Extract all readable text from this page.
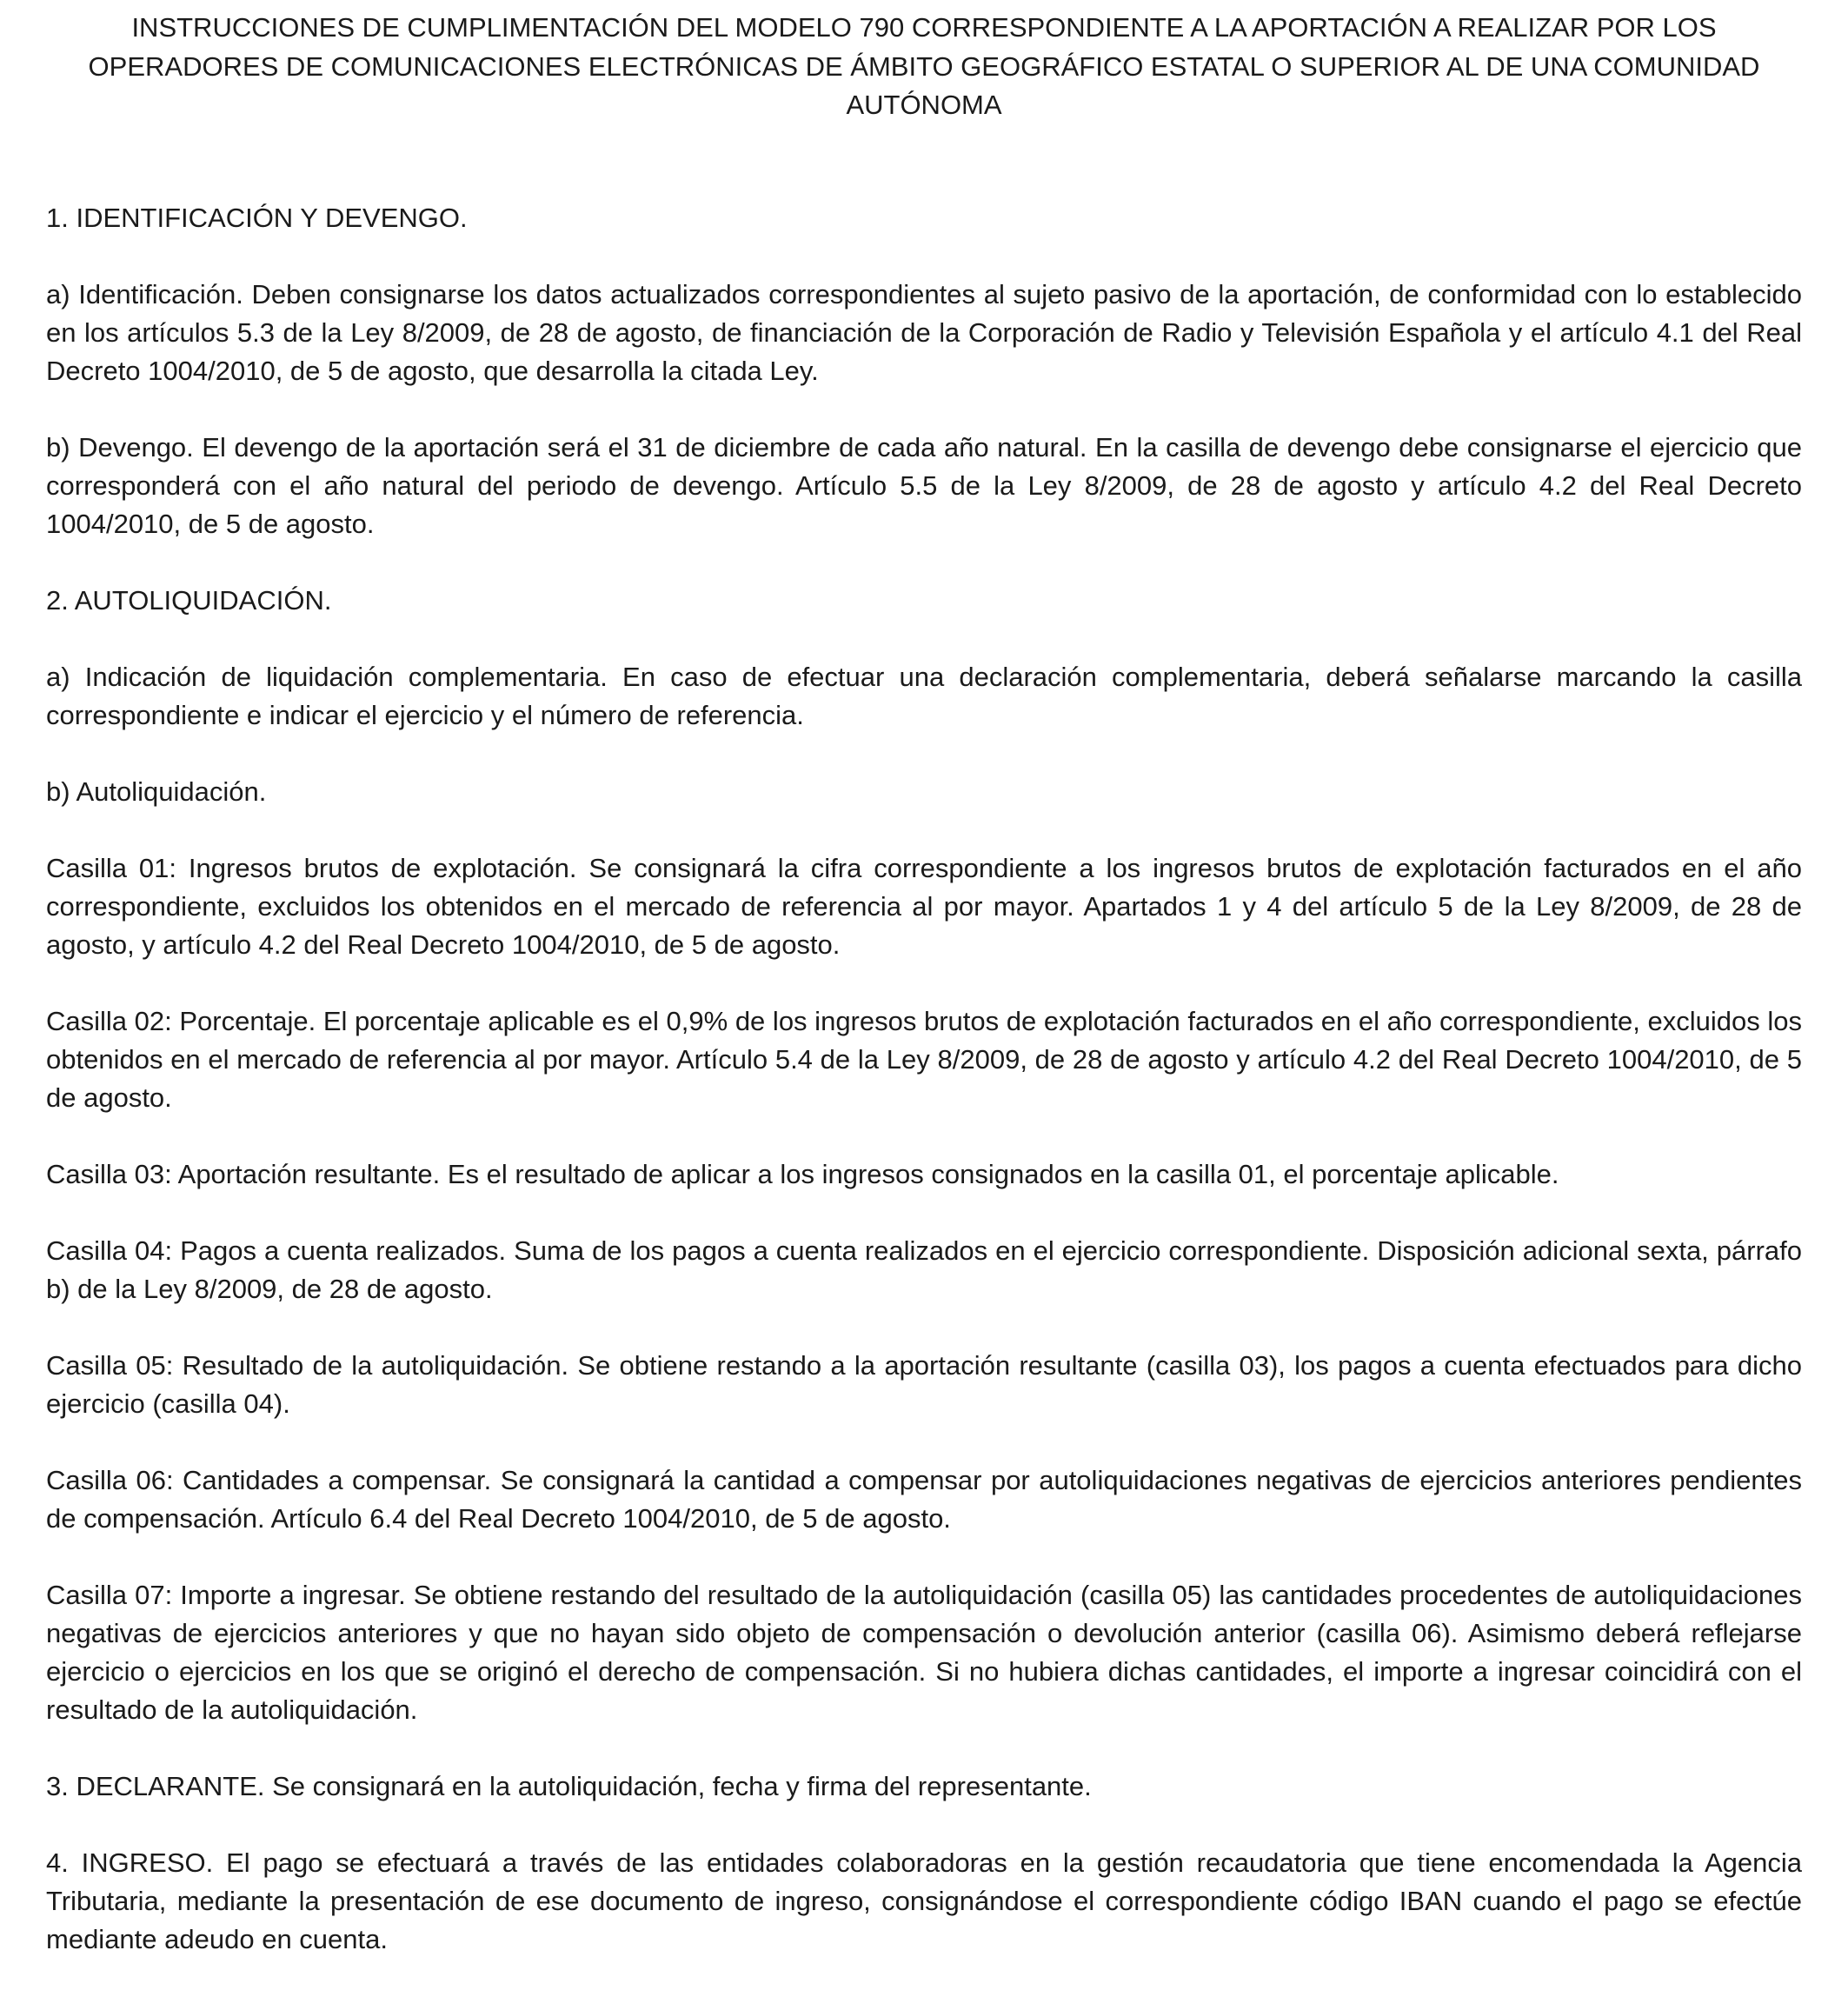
INSTRUCCIONES DE CUMPLIMENTACIÓN DEL MODELO 790 CORRESPONDIENTE A LA APORTACIÓN A REALIZAR POR LOS OPERADORES DE COMUNICACIONES ELECTRÓNICAS DE ÁMBITO GEOGRÁFICO ESTATAL O SUPERIOR AL DE UNA COMUNIDAD AUTÓNOMA

1. IDENTIFICACIÓN Y DEVENGO.

a) Identificación. Deben consignarse los datos actualizados correspondientes al sujeto pasivo de la aportación, de conformidad con lo establecido en los artículos 5.3 de la Ley 8/2009, de 28 de agosto, de financiación de la Corporación de Radio y Televisión Española y el artículo 4.1 del Real Decreto 1004/2010, de 5 de agosto, que desarrolla la citada Ley.

b) Devengo. El devengo de la aportación será el 31 de diciembre de cada año natural. En la casilla de devengo debe consignarse el ejercicio que corresponderá con el año natural del periodo de devengo. Artículo 5.5 de la Ley 8/2009, de 28 de agosto y artículo 4.2 del Real Decreto 1004/2010, de 5 de agosto.

2. AUTOLIQUIDACIÓN.

a) Indicación de liquidación complementaria. En caso de efectuar una declaración complementaria, deberá señalarse marcando la casilla correspondiente e indicar el ejercicio y el número de referencia.

b) Autoliquidación.

Casilla 01: Ingresos brutos de explotación. Se consignará la cifra correspondiente a los ingresos brutos de explotación facturados en el año correspondiente, excluidos los obtenidos en el mercado de referencia al por mayor. Apartados 1 y 4 del artículo 5 de la Ley 8/2009, de 28 de agosto, y artículo 4.2 del Real Decreto 1004/2010, de 5 de agosto.

Casilla 02: Porcentaje. El porcentaje aplicable es el 0,9% de los ingresos brutos de explotación facturados en el año correspondiente, excluidos los obtenidos en el mercado de referencia al por mayor. Artículo 5.4 de la Ley 8/2009, de 28 de agosto y artículo 4.2 del Real Decreto 1004/2010, de 5 de agosto.

Casilla 03: Aportación resultante. Es el resultado de aplicar a los ingresos consignados en la casilla 01, el porcentaje aplicable.

Casilla 04: Pagos a cuenta realizados. Suma de los pagos a cuenta realizados en el ejercicio correspondiente. Disposición adicional sexta, párrafo b) de la Ley 8/2009, de 28 de agosto.

Casilla 05: Resultado de la autoliquidación. Se obtiene restando a la aportación resultante (casilla 03), los pagos a cuenta efectuados para dicho ejercicio (casilla 04).

Casilla 06: Cantidades a compensar. Se consignará la cantidad a compensar por autoliquidaciones negativas de ejercicios anteriores pendientes de compensación. Artículo 6.4 del Real Decreto 1004/2010, de 5 de agosto.

Casilla 07: Importe a ingresar. Se obtiene restando del resultado de la autoliquidación (casilla 05) las cantidades procedentes de autoliquidaciones negativas de ejercicios anteriores y que no hayan sido objeto de compensación o devolución anterior (casilla 06). Asimismo deberá reflejarse ejercicio o ejercicios en los que se originó el derecho de compensación. Si no hubiera dichas cantidades, el importe a ingresar coincidirá con el resultado de la autoliquidación.

3. DECLARANTE. Se consignará en la autoliquidación, fecha y firma del representante.

4. INGRESO. El pago se efectuará a través de las entidades colaboradoras en la gestión recaudatoria que tiene encomendada la Agencia Tributaria, mediante la presentación de ese documento de ingreso, consignándose el correspondiente código IBAN cuando el pago se efectúe mediante adeudo en cuenta.
